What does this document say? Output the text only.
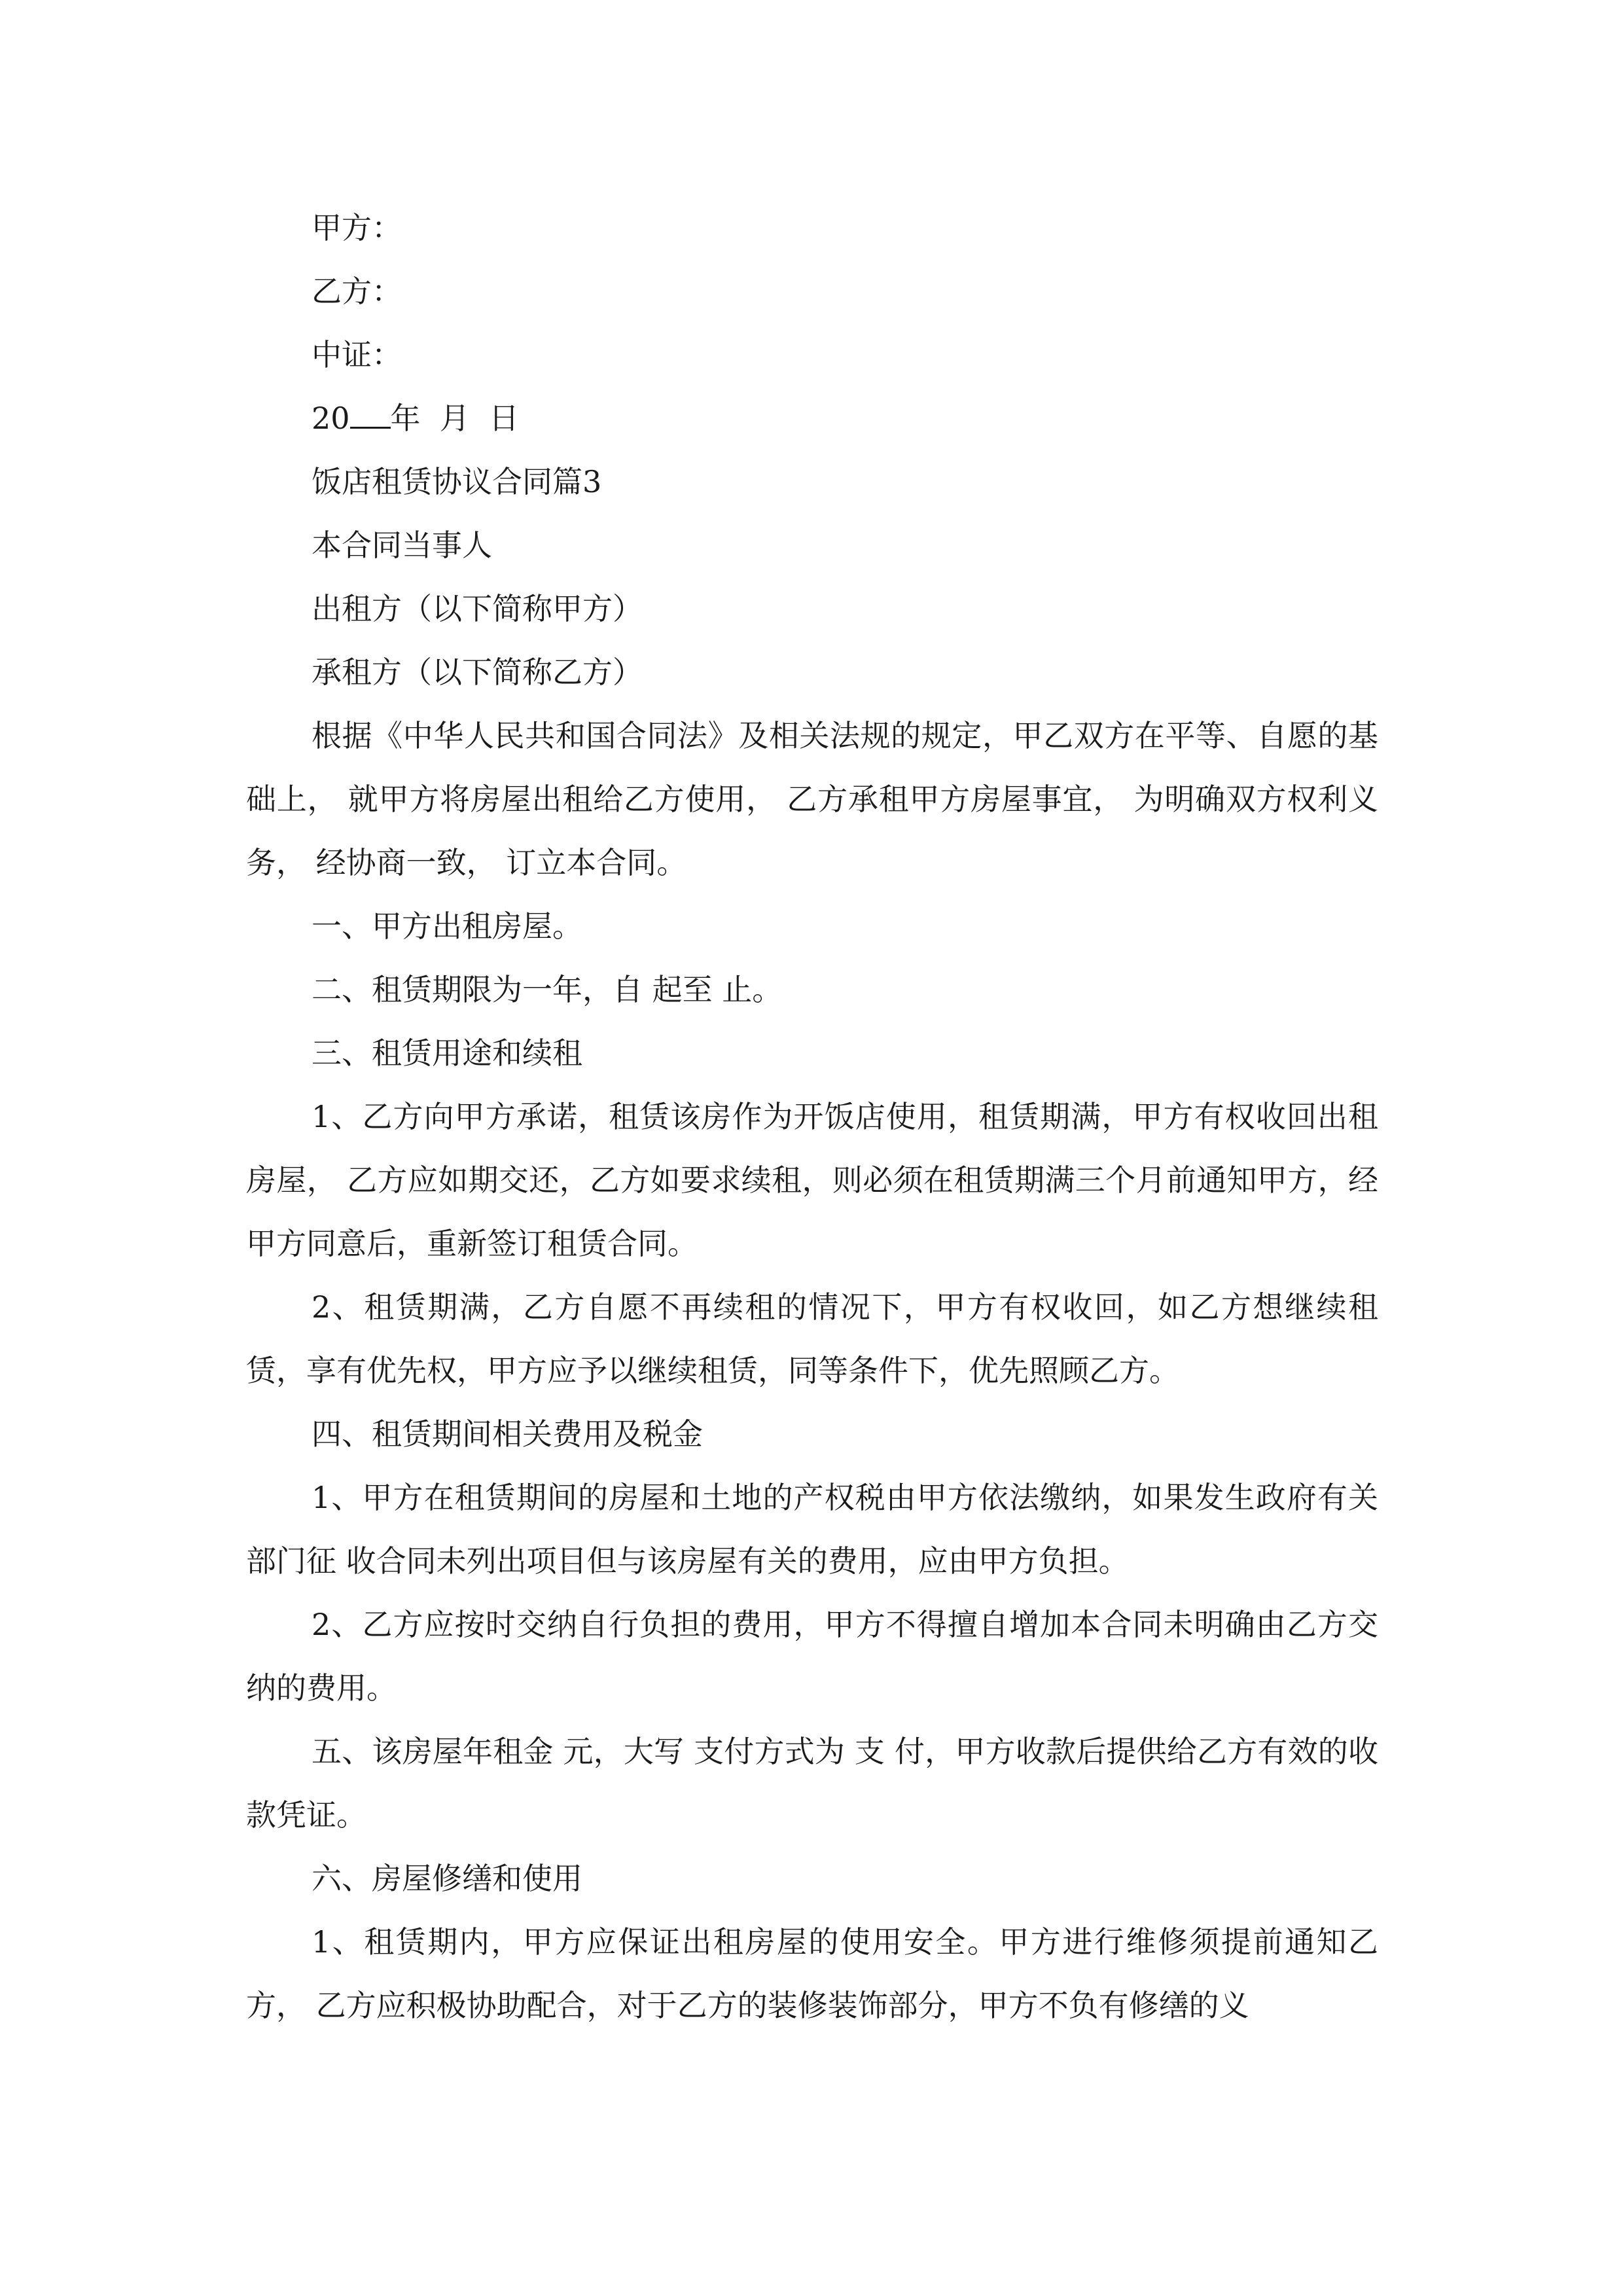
甲方：
乙方：
中证：
20 年  月  日
饭店租赁协议合同篇3
本合同当事人
出租方（以下简称甲方）
承租方（以下简称乙方）

根据《中华人民共和国合同法》及相关法规的规定，甲乙双方在平等、自愿的基础上， 就甲方将房屋出租给乙方使用， 乙方承租甲方房屋事宜， 为明确双方权利义务， 经协商一致， 订立本合同。

一、甲方出租房屋。

二、租赁期限为一年，自 起至 止。

三、租赁用途和续租

1、乙方向甲方承诺，租赁该房作为开饭店使用，租赁期满，甲方有权收回出租房屋， 乙方应如期交还，乙方如要求续租，则必须在租赁期满三个月前通知甲方，经甲方同意后，重新签订租赁合同。

2、租赁期满，乙方自愿不再续租的情况下，甲方有权收回，如乙方想继续租赁，享有优先权，甲方应予以继续租赁，同等条件下，优先照顾乙方。

四、租赁期间相关费用及税金

1、甲方在租赁期间的房屋和土地的产权税由甲方依法缴纳，如果发生政府有关部门征 收合同未列出项目但与该房屋有关的费用，应由甲方负担。

2、乙方应按时交纳自行负担的费用，甲方不得擅自增加本合同未明确由乙方交纳的费用。

五、该房屋年租金 元，大写 支付方式为 支 付，甲方收款后提供给乙方有效的收款凭证。

六、房屋修缮和使用

1、租赁期内，甲方应保证出租房屋的使用安全。甲方进行维修须提前通知乙方， 乙方应积极协助配合，对于乙方的装修装饰部分，甲方不负有修缮的义
